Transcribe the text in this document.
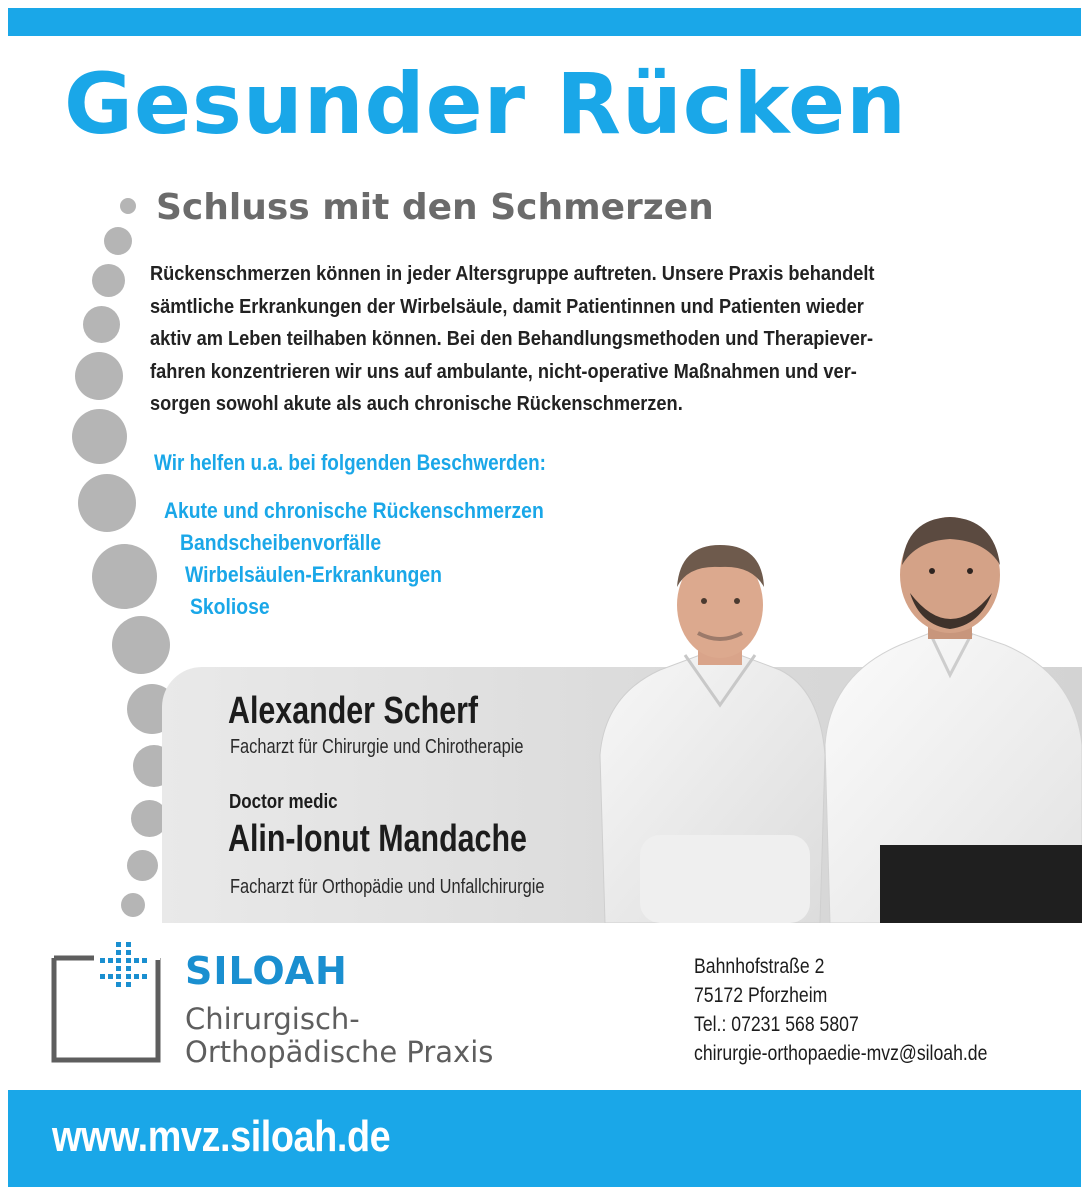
Gesunder Rücken
Schluss mit den Schmerzen
Rückenschmerzen können in jeder Altersgruppe auftreten. Unsere Praxis behandelt
sämtliche Erkrankungen der Wirbelsäule, damit Patientinnen und Patienten wieder
aktiv am Leben teilhaben können. Bei den Behandlungsmethoden und Therapiever-
fahren konzentrieren wir uns auf ambulante, nicht-operative Maßnahmen und ver-
sorgen sowohl akute als auch chronische Rückenschmerzen.
Wir helfen u.a. bei folgenden Beschwerden:
Akute und chronische Rückenschmerzen
Bandscheibenvorfälle
Wirbelsäulen-Erkrankungen
Skoliose
Alexander Scherf
Facharzt für Chirurgie und Chirotherapie
Doctor medic
Alin-Ionut Mandache
Facharzt für Orthopädie und Unfallchirurgie
SILOAH
Chirurgisch-
Orthopädische Praxis
Bahnhofstraße 2
75172 Pforzheim
Tel.: 07231 568 5807
chirurgie-orthopaedie-mvz@siloah.de
www.mvz.siloah.de
